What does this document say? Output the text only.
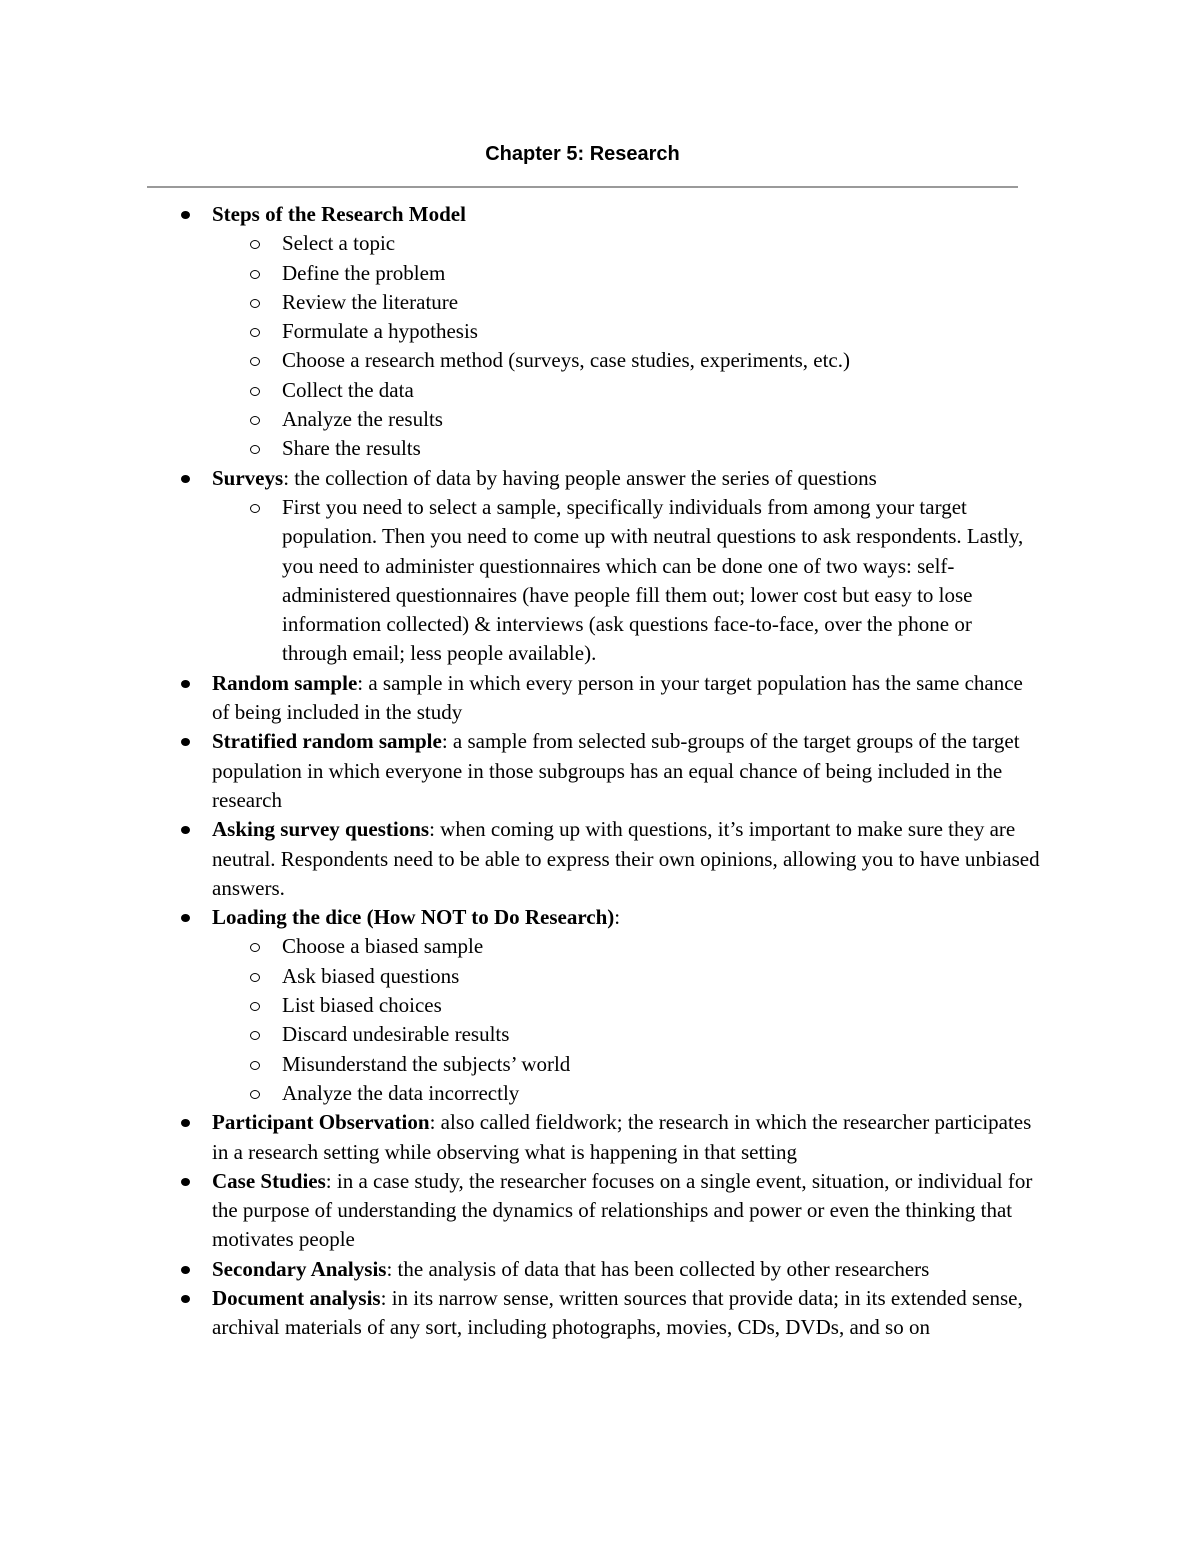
Chapter 5: Research
Steps of the Research Model
Select a topic
Define the problem
Review the literature
Formulate a hypothesis
Choose a research method (surveys, case studies, experiments, etc.)
Collect the data
Analyze the results
Share the results
Surveys: the collection of data by having people answer the series of questions
First you need to select a sample, specifically individuals from among your target population. Then you need to come up with neutral questions to ask respondents. Lastly, you need to administer questionnaires which can be done one of two ways: self-administered questionnaires (have people fill them out; lower cost but easy to lose information collected) & interviews (ask questions face-to-face, over the phone or through email; less people available).
Random sample: a sample in which every person in your target population has the same chance of being included in the study
Stratified random sample: a sample from selected sub-groups of the target groups of the target population in which everyone in those subgroups has an equal chance of being included in the research
Asking survey questions: when coming up with questions, it’s important to make sure they are neutral. Respondents need to be able to express their own opinions, allowing you to have unbiased answers.
Loading the dice (How NOT to Do Research):
Choose a biased sample
Ask biased questions
List biased choices
Discard undesirable results
Misunderstand the subjects’ world
Analyze the data incorrectly
Participant Observation: also called fieldwork; the research in which the researcher participates in a research setting while observing what is happening in that setting
Case Studies: in a case study, the researcher focuses on a single event, situation, or individual for the purpose of understanding the dynamics of relationships and power or even the thinking that motivates people
Secondary Analysis: the analysis of data that has been collected by other researchers
Document analysis: in its narrow sense, written sources that provide data; in its extended sense, archival materials of any sort, including photographs, movies, CDs, DVDs, and so on
